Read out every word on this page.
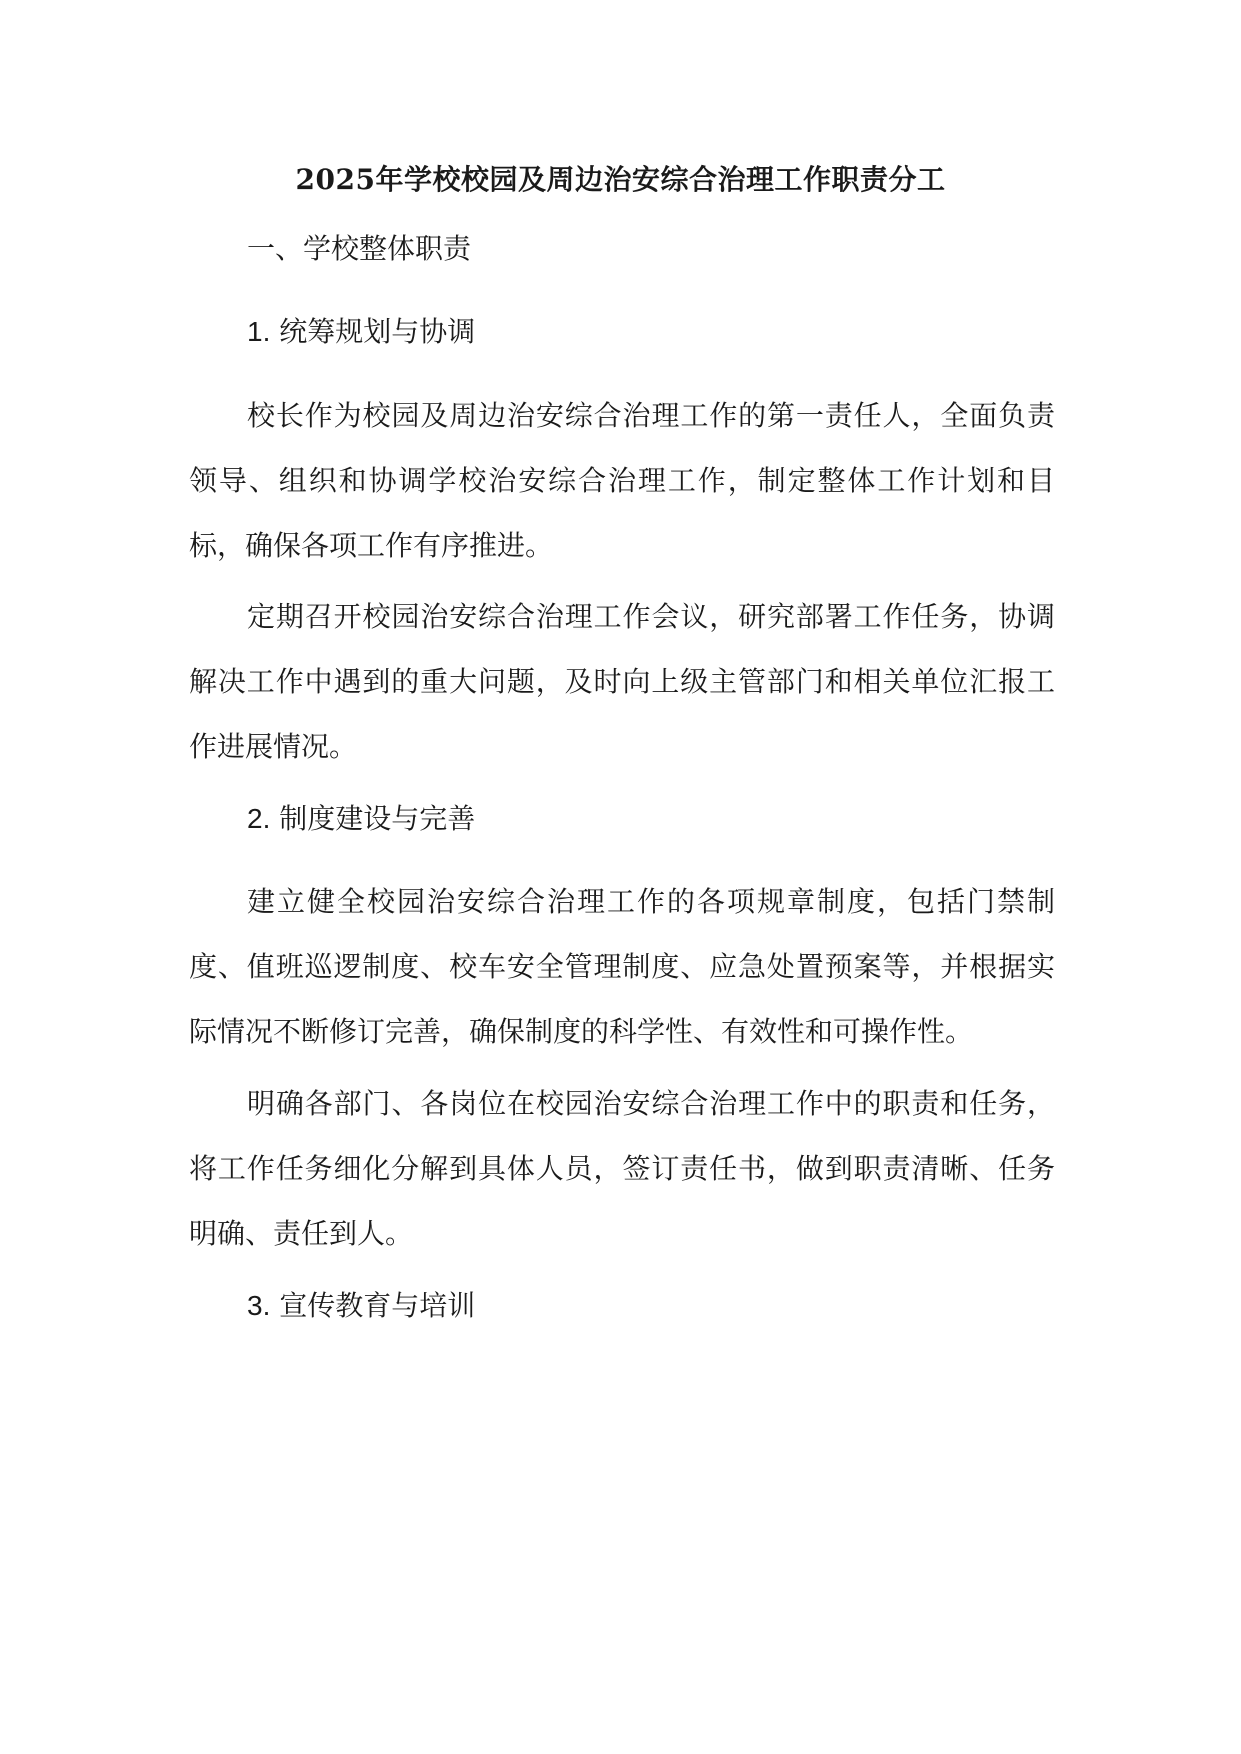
2025年学校校园及周边治安综合治理工作职责分工

一、学校整体职责

1. 统筹规划与协调

校长作为校园及周边治安综合治理工作的第一责任人，全面负责领导、组织和协调学校治安综合治理工作，制定整体工作计划和目标，确保各项工作有序推进。

定期召开校园治安综合治理工作会议，研究部署工作任务，协调解决工作中遇到的重大问题，及时向上级主管部门和相关单位汇报工作进展情况。

2. 制度建设与完善

建立健全校园治安综合治理工作的各项规章制度，包括门禁制度、值班巡逻制度、校车安全管理制度、应急处置预案等，并根据实际情况不断修订完善，确保制度的科学性、有效性和可操作性。

明确各部门、各岗位在校园治安综合治理工作中的职责和任务，将工作任务细化分解到具体人员，签订责任书，做到职责清晰、任务明确、责任到人。

3. 宣传教育与培训
